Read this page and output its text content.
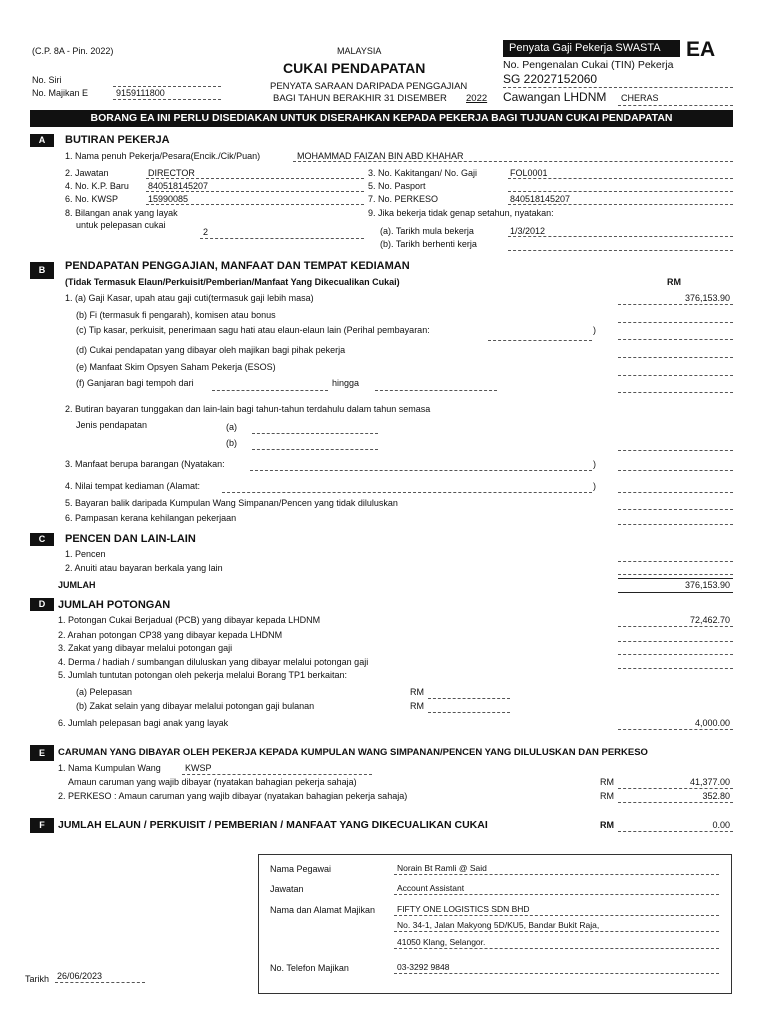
(C.P. 8A - Pin. 2022)	MALAYSIA
CUKAI PENDAPATAN
PENYATA SARAAN DARIPADA PENGGAJIAN
BAGI TAHUN BERAKHIR 31 DISEMBER 2022
Penyata Gaji Pekerja SWASTA	EA
No. Pengenalan Cukai (TIN) Pekerja
SG 22027152060
Cawangan LHDNM CHERAS
No. Siri
No. Majikan E	9159111800
BORANG EA INI PERLU DISEDIAKAN UNTUK DISERAHKAN KEPADA PEKERJA BAGI TUJUAN CUKAI PENDAPATAN
A	BUTIRAN PEKERJA
1. Nama penuh Pekerja/Pesara(Encik./Cik/Puan)	MOHAMMAD FAIZAN BIN ABD KHAHAR
2. Jawatan	DIRECTOR	3. No. Kakitangan/ No. Gaji	FOL0001
4. No. K.P. Baru 840518145207	5. No. Pasport
6. No. KWSP	15990085	7. No. PERKESO	840518145207
8. Bilangan anak yang layak
untuk pelepasan cukai
2
9. Jika bekerja tidak genap setahun, nyatakan:
(a). Tarikh mula bekerja	1/3/2012
(b). Tarikh berhenti kerja
B	PENDAPATAN PENGGAJIAN, MANFAAT DAN TEMPAT KEDIAMAN
(Tidak Termasuk Elaun/Perkuisit/Pemberian/Manfaat Yang Dikecualikan Cukai)	RM
1. (a) Gaji Kasar, upah atau gaji cuti(termasuk gaji lebih masa)	376,153.90
(b) Fi (termasuk fi pengarah), komisen atau bonus
(c) Tip kasar, perkuisit, penerimaan sagu hati atau elaun-elaun lain (Perihal pembayaran:	)
(d) Cukai pendapatan yang dibayar oleh majikan bagi pihak pekerja
(e) Manfaat Skim Opsyen Saham Pekerja (ESOS)
(f) Ganjaran bagi tempoh dari	hingga
2. Butiran bayaran tunggakan dan lain-lain bagi tahun-tahun terdahulu dalam tahun semasa
Jenis pendapatan	(a)
(b)
3. Manfaat berupa barangan (Nyatakan:	)
4. Nilai tempat kediaman (Alamat:	)
5. Bayaran balik daripada Kumpulan Wang Simpanan/Pencen yang tidak diluluskan
6. Pampasan kerana kehilangan pekerjaan
C	PENCEN DAN LAIN-LAIN
1. Pencen
2. Anuiti atau bayaran berkala yang lain
JUMLAH	376,153.90
D	JUMLAH POTONGAN
1. Potongan Cukai Berjadual (PCB) yang dibayar kepada LHDNM	72,462.70
2. Arahan potongan CP38 yang dibayar kepada LHDNM
3. Zakat yang dibayar melalui potongan gaji
4. Derma / hadiah / sumbangan diluluskan yang dibayar melalui potongan gaji
5. Jumlah tuntutan potongan oleh pekerja melalui Borang TP1 berkaitan:
(a) Pelepasan	RM
(b) Zakat selain yang dibayar melalui potongan gaji bulanan	RM
6. Jumlah pelepasan bagi anak yang layak	4,000.00
E	CARUMAN YANG DIBAYAR OLEH PEKERJA KEPADA KUMPULAN WANG SIMPANAN/PENCEN YANG DILULUSKAN DAN PERKESO
1. Nama Kumpulan Wang	KWSP
Amaun caruman yang wajib dibayar (nyatakan bahagian pekerja sahaja)	RM	41,377.00
2. PERKESO : Amaun caruman yang wajib dibayar (nyatakan bahagian pekerja sahaja)	RM	352.80
F	JUMLAH ELAUN / PERKUISIT / PEMBERIAN / MANFAAT YANG DIKECUALIKAN CUKAI	RM	0.00
Nama Pegawai	Norain Bt Ramli @ Said
Jawatan	Account Assistant
Nama dan Alamat Majikan	FIFTY ONE LOGISTICS SDN BHD
No. 34-1, Jalan Makyong 5D/KU5, Bandar Bukit Raja,
41050 Klang, Selangor.
No. Telefon Majikan	03-3292 9848
Tarikh 26/06/2023
